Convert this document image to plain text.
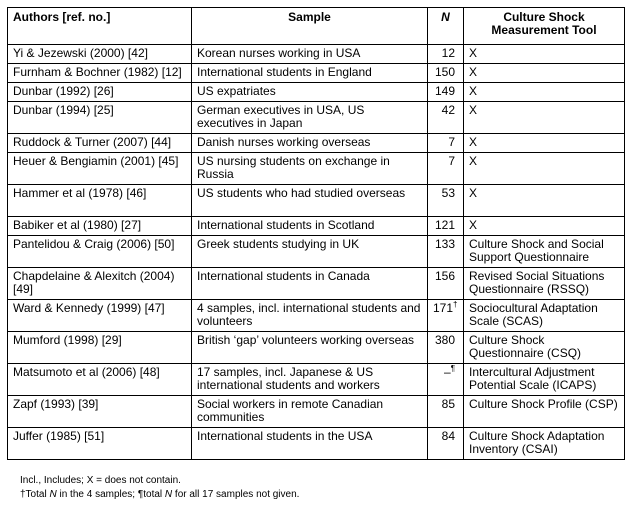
Authors [ref. no.]	Sample	N	Culture Shock Measurement Tool
Yi & Jezewski (2000) [42]	Korean nurses working in USA	12	X
Furnham & Bochner (1982) [12]	International students in England	150	X
Dunbar (1992) [26]	US expatriates	149	X
Dunbar (1994) [25]	German executives in USA, US executives in Japan	42	X
Ruddock & Turner (2007) [44]	Danish nurses working overseas	7	X
Heuer & Bengiamin (2001) [45]	US nursing students on exchange in Russia	7	X
Hammer et al (1978) [46]	US students who had studied overseas	53	X
Babiker et al (1980) [27]	International students in Scotland	121	X
Pantelidou & Craig (2006) [50]	Greek students studying in UK	133	Culture Shock and Social Support Questionnaire
Chapdelaine & Alexitch (2004) [49]	International students in Canada	156	Revised Social Situations Questionnaire (RSSQ)
Ward & Kennedy (1999) [47]	4 samples, incl. international students and volunteers	171†	Sociocultural Adaptation Scale (SCAS)
Mumford (1998) [29]	British ‘gap’ volunteers working overseas	380	Culture Shock Questionnaire (CSQ)
Matsumoto et al (2006) [48]	17 samples, incl. Japanese & US international students and workers	–¶	Intercultural Adjustment Potential Scale (ICAPS)
Zapf (1993) [39]	Social workers in remote Canadian communities	85	Culture Shock Profile (CSP)
Juffer (1985) [51]	International students in the USA	84	Culture Shock Adaptation Inventory (CSAI)
Incl., Includes; X = does not contain.
†Total N in the 4 samples; ¶total N for all 17 samples not given.
